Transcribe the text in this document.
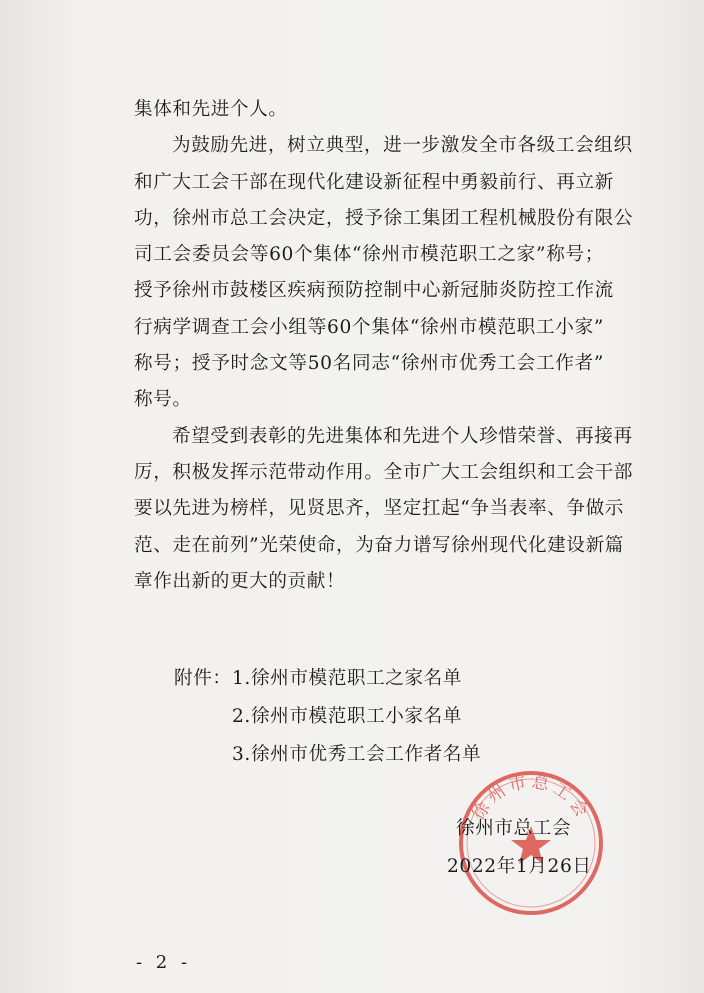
集体和先进个人。
为鼓励先进，树立典型，进一步激发全市各级工会组织
和广大工会干部在现代化建设新征程中勇毅前行、再立新
功，徐州市总工会决定，授予徐工集团工程机械股份有限公
司工会委员会等60个集体“徐州市模范职工之家”称号；
授予徐州市鼓楼区疾病预防控制中心新冠肺炎防控工作流
行病学调查工会小组等60个集体“徐州市模范职工小家”
称号；授予时念文等50名同志“徐州市优秀工会工作者”
称号。
希望受到表彰的先进集体和先进个人珍惜荣誉、再接再
厉，积极发挥示范带动作用。全市广大工会组织和工会干部
要以先进为榜样，见贤思齐，坚定扛起“争当表率、争做示
范、走在前列”光荣使命，为奋力谱写徐州现代化建设新篇
章作出新的更大的贡献！
附件： 1.徐州市模范职工之家名单
2.徐州市模范职工小家名单
3.徐州市优秀工会工作者名单
徐州市总工会
徐州市总工会
2022年1月26日
- 2 -
